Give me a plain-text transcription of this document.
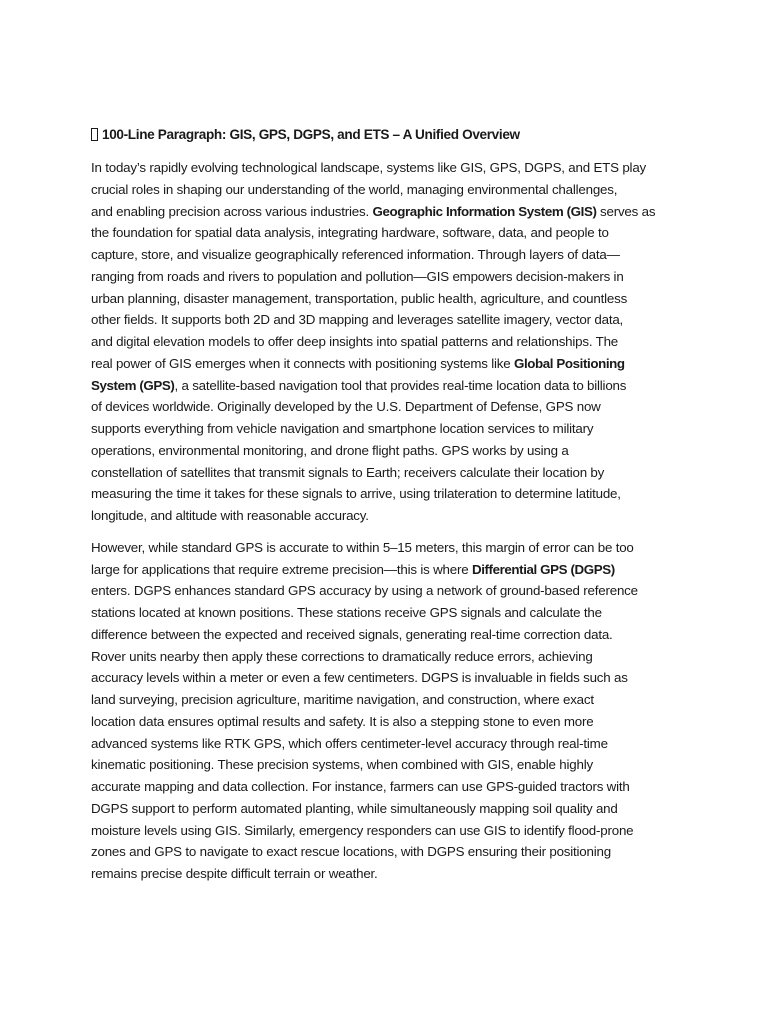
100-Line Paragraph: GIS, GPS, DGPS, and ETS – A Unified Overview
In today’s rapidly evolving technological landscape, systems like GIS, GPS, DGPS, and ETS play
crucial roles in shaping our understanding of the world, managing environmental challenges,
and enabling precision across various industries. Geographic Information System (GIS) serves as
the foundation for spatial data analysis, integrating hardware, software, data, and people to
capture, store, and visualize geographically referenced information. Through layers of data—
ranging from roads and rivers to population and pollution—GIS empowers decision-makers in
urban planning, disaster management, transportation, public health, agriculture, and countless
other fields. It supports both 2D and 3D mapping and leverages satellite imagery, vector data,
and digital elevation models to offer deep insights into spatial patterns and relationships. The
real power of GIS emerges when it connects with positioning systems like Global Positioning
System (GPS), a satellite-based navigation tool that provides real-time location data to billions
of devices worldwide. Originally developed by the U.S. Department of Defense, GPS now
supports everything from vehicle navigation and smartphone location services to military
operations, environmental monitoring, and drone flight paths. GPS works by using a
constellation of satellites that transmit signals to Earth; receivers calculate their location by
measuring the time it takes for these signals to arrive, using trilateration to determine latitude,
longitude, and altitude with reasonable accuracy.
However, while standard GPS is accurate to within 5–15 meters, this margin of error can be too
large for applications that require extreme precision—this is where Differential GPS (DGPS)
enters. DGPS enhances standard GPS accuracy by using a network of ground-based reference
stations located at known positions. These stations receive GPS signals and calculate the
difference between the expected and received signals, generating real-time correction data.
Rover units nearby then apply these corrections to dramatically reduce errors, achieving
accuracy levels within a meter or even a few centimeters. DGPS is invaluable in fields such as
land surveying, precision agriculture, maritime navigation, and construction, where exact
location data ensures optimal results and safety. It is also a stepping stone to even more
advanced systems like RTK GPS, which offers centimeter-level accuracy through real-time
kinematic positioning. These precision systems, when combined with GIS, enable highly
accurate mapping and data collection. For instance, farmers can use GPS-guided tractors with
DGPS support to perform automated planting, while simultaneously mapping soil quality and
moisture levels using GIS. Similarly, emergency responders can use GIS to identify flood-prone
zones and GPS to navigate to exact rescue locations, with DGPS ensuring their positioning
remains precise despite difficult terrain or weather.
